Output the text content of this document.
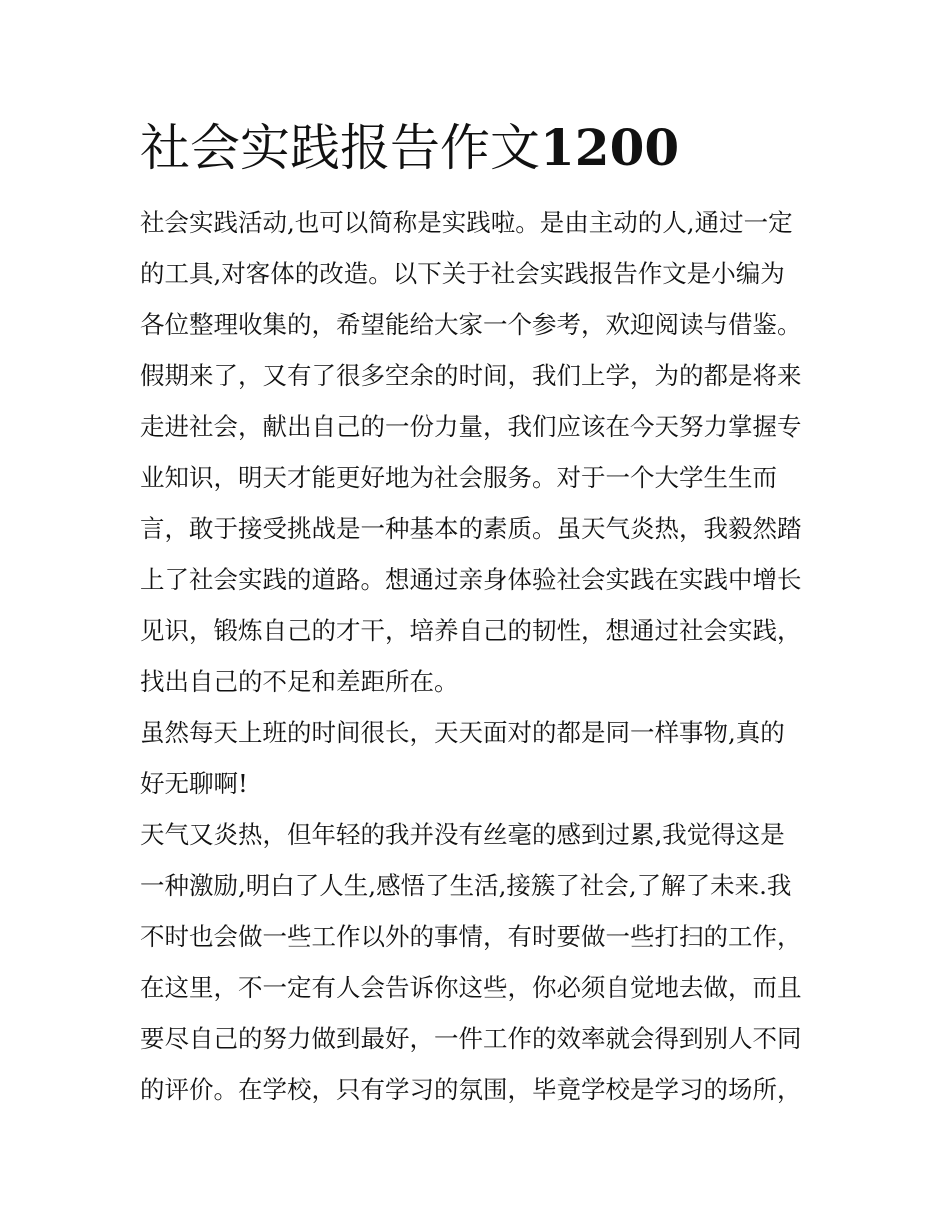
社会实践报告作文1200
社会实践活动,也可以简称是实践啦。是由主动的人,通过一定
的工具,对客体的改造。以下关于社会实践报告作文是小编为
各位整理收集的，希望能给大家一个参考，欢迎阅读与借鉴。
假期来了，又有了很多空余的时间，我们上学，为的都是将来
走进社会，献出自己的一份力量，我们应该在今天努力掌握专
业知识，明天才能更好地为社会服务。对于一个大学生生而
言，敢于接受挑战是一种基本的素质。虽天气炎热，我毅然踏
上了社会实践的道路。想通过亲身体验社会实践在实践中增长
见识，锻炼自己的才干，培养自己的韧性，想通过社会实践，
找出自己的不足和差距所在。
虽然每天上班的时间很长，天天面对的都是同一样事物,真的
好无聊啊!
天气又炎热，但年轻的我并没有丝毫的感到过累,我觉得这是
一种激励,明白了人生,感悟了生活,接簇了社会,了解了未来.我
不时也会做一些工作以外的事情，有时要做一些打扫的工作，
在这里，不一定有人会告诉你这些，你必须自觉地去做，而且
要尽自己的努力做到最好，一件工作的效率就会得到别人不同
的评价。在学校，只有学习的氛围，毕竟学校是学习的场所，
